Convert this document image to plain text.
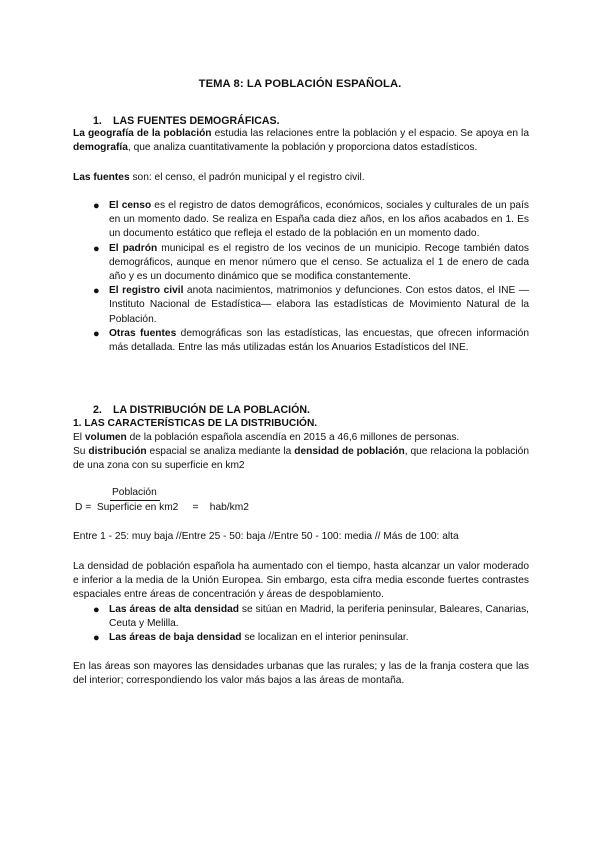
TEMA 8: LA POBLACIÓN ESPAÑOLA.
1. LAS FUENTES DEMOGRÁFICAS.
La geografía de la población estudia las relaciones entre la población y el espacio. Se apoya en la demografía, que analiza cuantitativamente la población y proporciona datos estadísticos.
Las fuentes son: el censo, el padrón municipal y el registro civil.
● El censo es el registro de datos demográficos, económicos, sociales y culturales de un país en un momento dado. Se realiza en España cada diez años, en los años acabados en 1. Es un documento estático que refleja el estado de la población en un momento dado.
● El padrón municipal es el registro de los vecinos de un municipio. Recoge también datos demográficos, aunque en menor número que el censo. Se actualiza el 1 de enero de cada año y es un documento dinámico que se modifica constantemente.
● El registro civil anota nacimientos, matrimonios y defunciones. Con estos datos, el INE —Instituto Nacional de Estadística— elabora las estadísticas de Movimiento Natural de la Población.
● Otras fuentes demográficas son las estadísticas, las encuestas, que ofrecen información más detallada. Entre las más utilizadas están los Anuarios Estadísticos del INE.
2. LA DISTRIBUCIÓN DE LA POBLACIÓN.
1. LAS CARACTERÍSTICAS DE LA DISTRIBUCIÓN.
El volumen de la población española ascendía en 2015 a 46,6 millones de personas.
Su distribución espacial se analiza mediante la densidad de población, que relaciona la población de una zona con su superficie en km2
Población
D = Superficie en km2 = hab/km2
Entre 1 - 25: muy baja //Entre 25 - 50: baja //Entre 50 - 100: media // Más de 100: alta
La densidad de población española ha aumentado con el tiempo, hasta alcanzar un valor moderado e inferior a la media de la Unión Europea. Sin embargo, esta cifra media esconde fuertes contrastes espaciales entre áreas de concentración y áreas de despoblamiento.
● Las áreas de alta densidad se sitúan en Madrid, la periferia peninsular, Baleares, Canarias, Ceuta y Melilla.
● Las áreas de baja densidad se localizan en el interior peninsular.
En las áreas son mayores las densidades urbanas que las rurales; y las de la franja costera que las del interior; correspondiendo los valor más bajos a las áreas de montaña.
